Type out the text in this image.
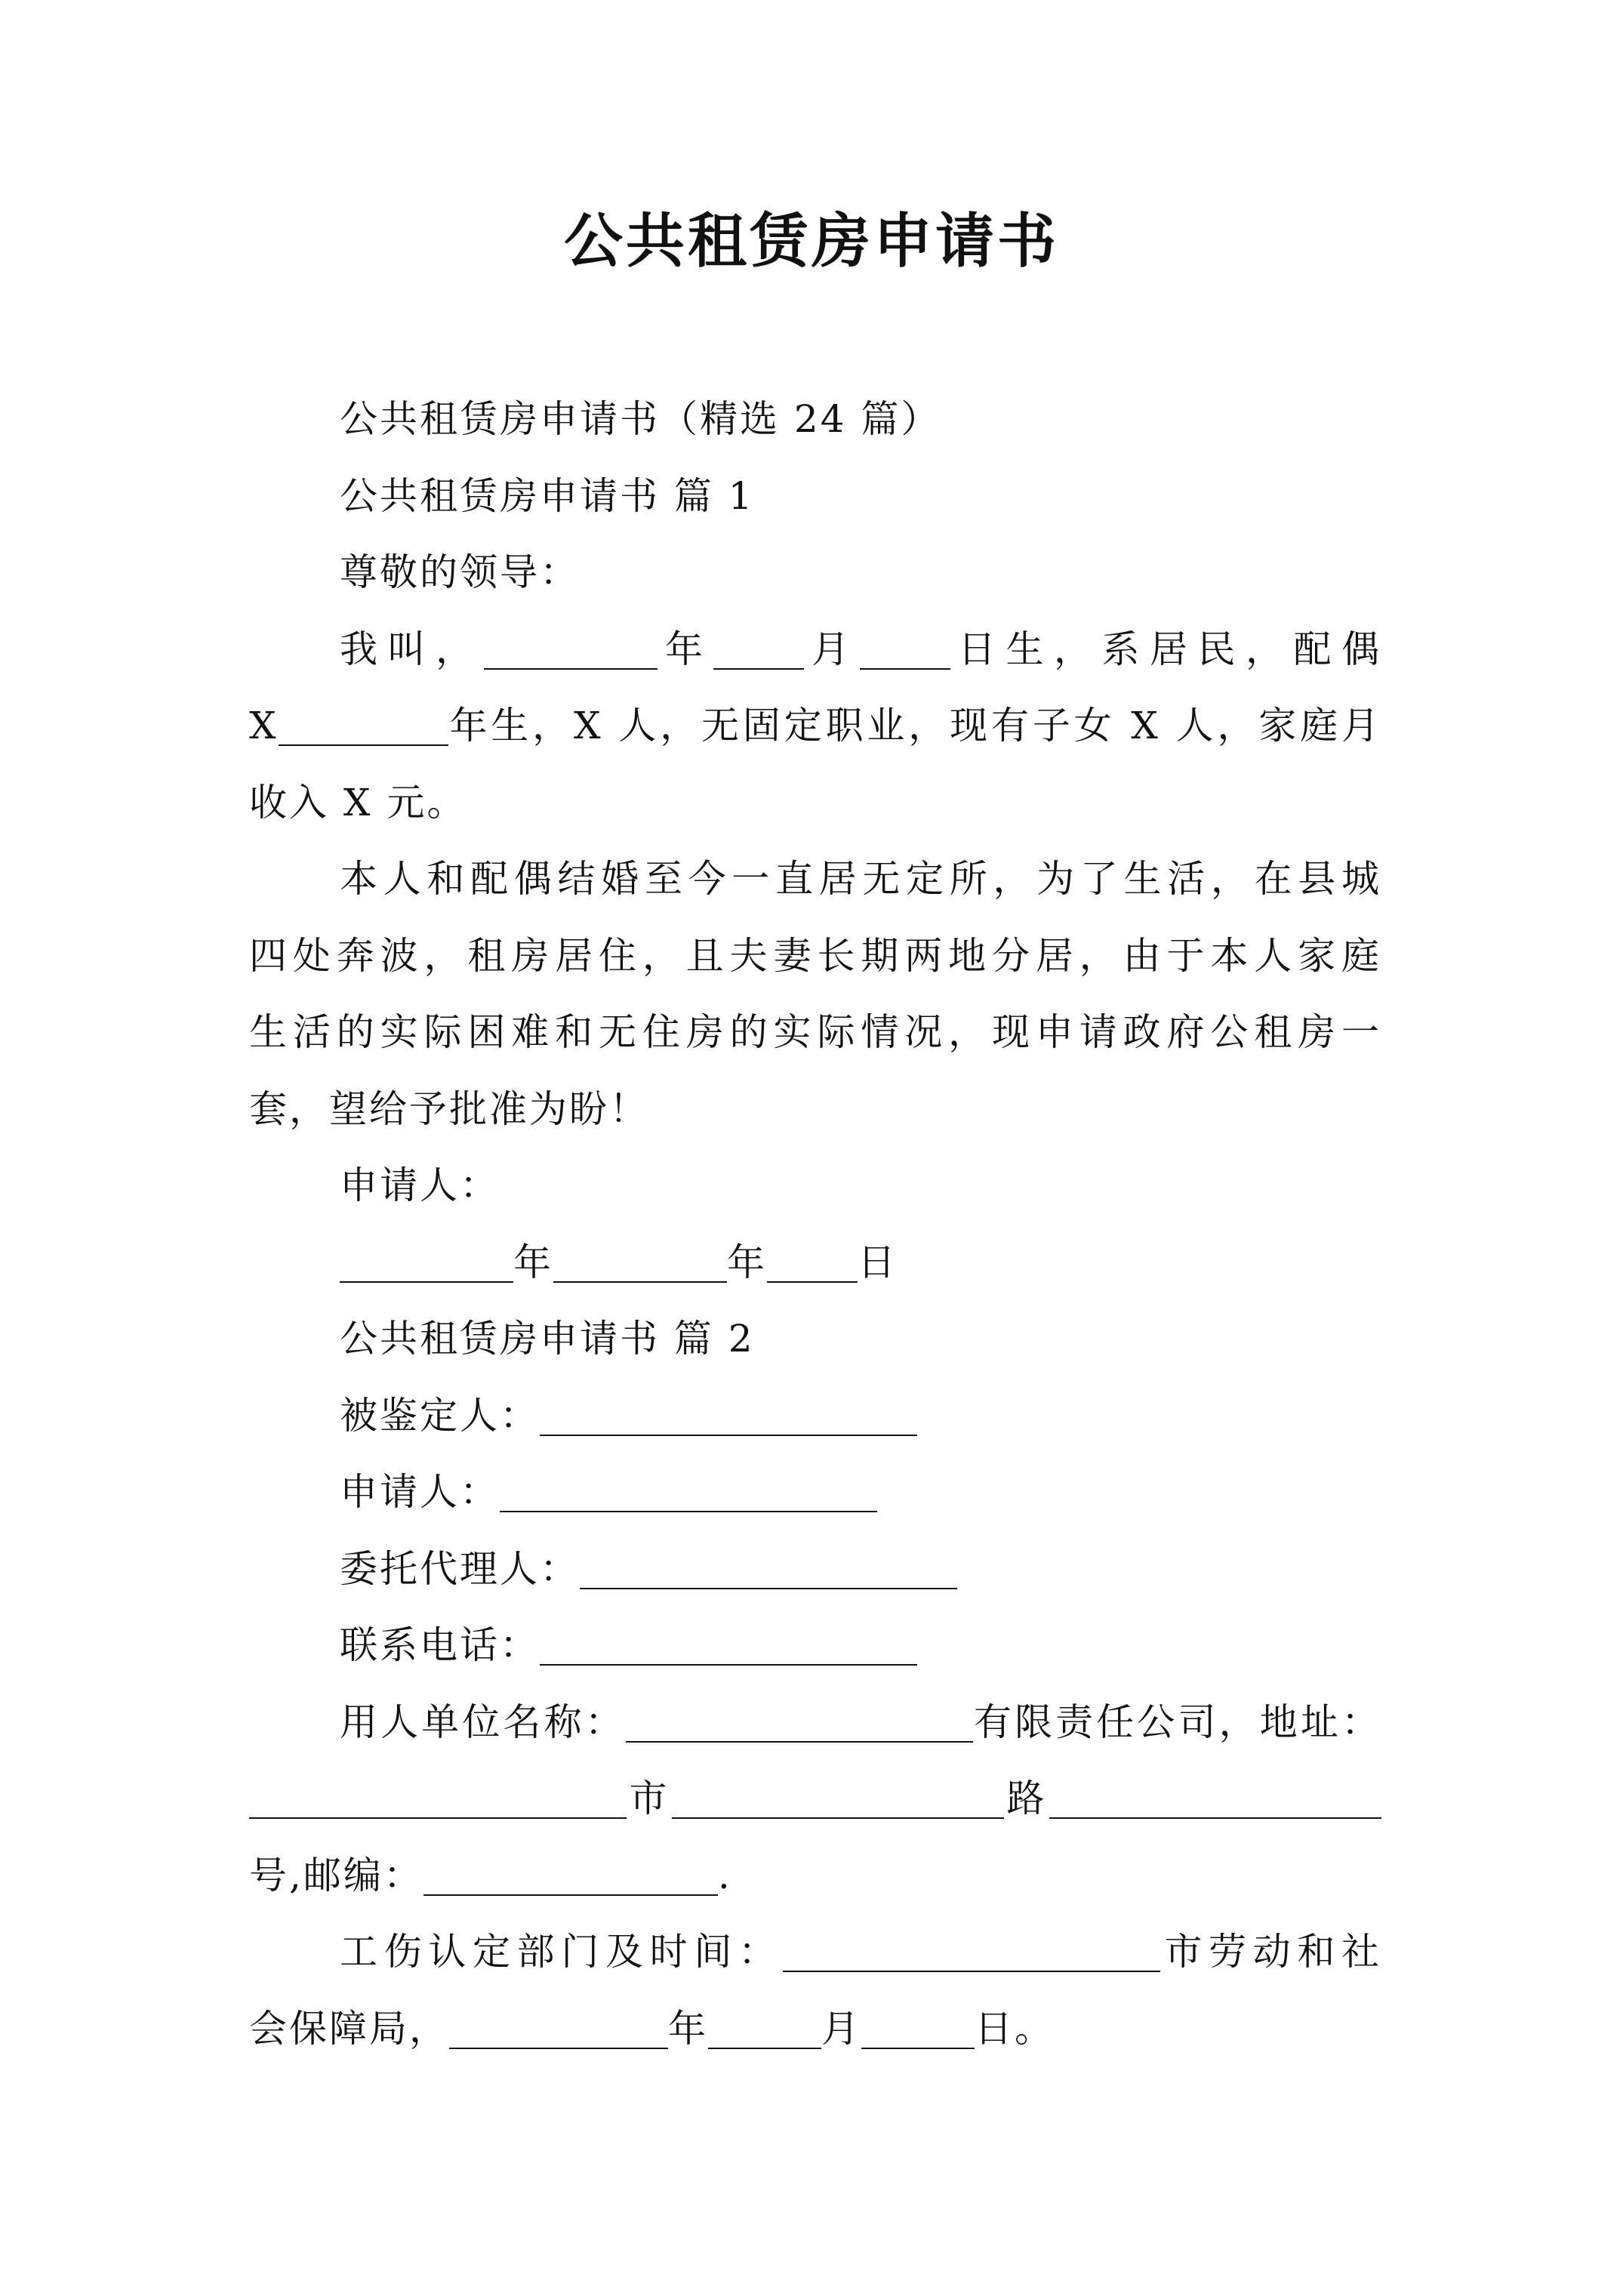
公共租赁房申请书

公共租赁房申请书（精选 24 篇）

公共租赁房申请书 篇 1

尊敬的领导：

我叫，	年 月 日生，系居民，配偶

X	年生，X 人，无固定职业，现有子女 X 人，家庭月

收入 X 元。

本人和配偶结婚至今一直居无定所，为了生活，在县城

四处奔波，租房居住，且夫妻长期两地分居，由于本人家庭

生活的实际困难和无住房的实际情况，现申请政府公租房一

套，望给予批准为盼！

申请人：

年	年 日

公共租赁房申请书 篇 2

被鉴定人：

申请人：

委托代理人：

联系电话：

用人单位名称：	有限责任公司，地址：

市	路

号,邮编：	.

工伤认定部门及时间：	市劳动和社

会保障局，	年	月	日。
